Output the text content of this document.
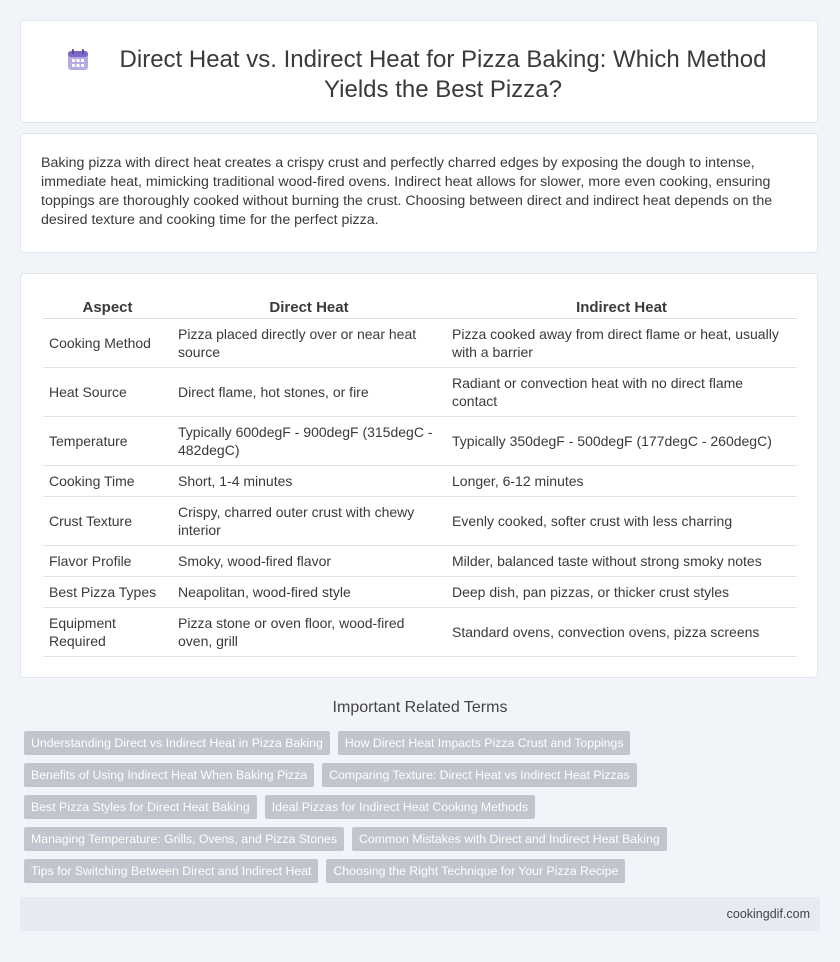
Direct Heat vs. Indirect Heat for Pizza Baking: Which Method Yields the Best Pizza?

Baking pizza with direct heat creates a crispy crust and perfectly charred edges by exposing the dough to intense, immediate heat, mimicking traditional wood-fired ovens. Indirect heat allows for slower, more even cooking, ensuring toppings are thoroughly cooked without burning the crust. Choosing between direct and indirect heat depends on the desired texture and cooking time for the perfect pizza.

Aspect	Direct Heat	Indirect Heat
Cooking Method	Pizza placed directly over or near heat source	Pizza cooked away from direct flame or heat, usually with a barrier
Heat Source	Direct flame, hot stones, or fire	Radiant or convection heat with no direct flame contact
Temperature	Typically 600degF - 900degF (315degC - 482degC)	Typically 350degF - 500degF (177degC - 260degC)
Cooking Time	Short, 1-4 minutes	Longer, 6-12 minutes
Crust Texture	Crispy, charred outer crust with chewy interior	Evenly cooked, softer crust with less charring
Flavor Profile	Smoky, wood-fired flavor	Milder, balanced taste without strong smoky notes
Best Pizza Types	Neapolitan, wood-fired style	Deep dish, pan pizzas, or thicker crust styles
Equipment Required	Pizza stone or oven floor, wood-fired oven, grill	Standard ovens, convection ovens, pizza screens
Important Related Terms
Understanding Direct vs Indirect Heat in Pizza Baking	How Direct Heat Impacts Pizza Crust and Toppings
Benefits of Using Indirect Heat When Baking Pizza	Comparing Texture: Direct Heat vs Indirect Heat Pizzas
Best Pizza Styles for Direct Heat Baking	Ideal Pizzas for Indirect Heat Cooking Methods
Managing Temperature: Grills, Ovens, and Pizza Stones	Common Mistakes with Direct and Indirect Heat Baking
Tips for Switching Between Direct and Indirect Heat	Choosing the Right Technique for Your Pizza Recipe
cookingdif.com
